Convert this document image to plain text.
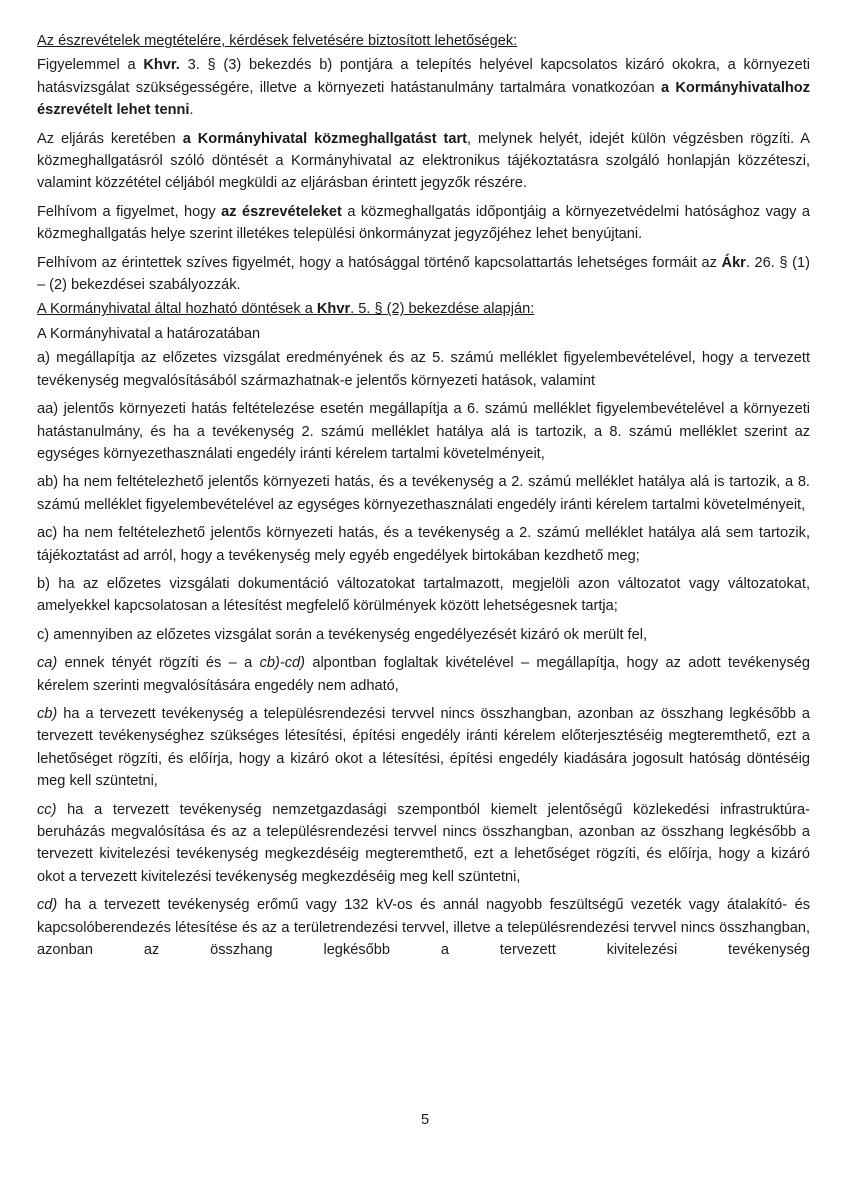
Az észrevételek megtételére, kérdések felvetésére biztosított lehetőségek:

Figyelemmel a Khvr. 3. § (3) bekezdés b) pontjára a telepítés helyével kapcsolatos kizáró okokra, a környezeti hatásvizsgálat szükségességére, illetve a környezeti hatástanulmány tartalmára vonatkozóan a Kormányhivatalhoz észrevételt lehet tenni.

Az eljárás keretében a Kormányhivatal közmeghallgatást tart, melynek helyét, idejét külön végzésben rögzíti. A közmeghallgatásról szóló döntését a Kormányhivatal az elektronikus tájékoztatásra szolgáló honlapján közzéteszi, valamint közzététel céljából megküldi az eljárásban érintett jegyzők részére.

Felhívom a figyelmet, hogy az észrevételeket a közmeghallgatás időpontjáig a környezetvédelmi hatósághoz vagy a közmeghallgatás helye szerint illetékes települési önkormányzat jegyzőjéhez lehet benyújtani.

Felhívom az érintettek szíves figyelmét, hogy a hatósággal történő kapcsolattartás lehetséges formáit az Ákr. 26. § (1) – (2) bekezdései szabályozzák.

A Kormányhivatal által hozható döntések a Khvr. 5. § (2) bekezdése alapján:

A Kormányhivatal a határozatában

a) megállapítja az előzetes vizsgálat eredményének és az 5. számú melléklet figyelembevételével, hogy a tervezett tevékenység megvalósításából származhatnak-e jelentős környezeti hatások, valamint

aa) jelentős környezeti hatás feltételezése esetén megállapítja a 6. számú melléklet figyelembevételével a környezeti hatástanulmány, és ha a tevékenység 2. számú melléklet hatálya alá is tartozik, a 8. számú melléklet szerint az egységes környezethasználati engedély iránti kérelem tartalmi követelményeit,

ab) ha nem feltételezhető jelentős környezeti hatás, és a tevékenység a 2. számú melléklet hatálya alá is tartozik, a 8. számú melléklet figyelembevételével az egységes környezethasználati engedély iránti kérelem tartalmi követelményeit,

ac) ha nem feltételezhető jelentős környezeti hatás, és a tevékenység a 2. számú melléklet hatálya alá sem tartozik, tájékoztatást ad arról, hogy a tevékenység mely egyéb engedélyek birtokában kezdhető meg;

b) ha az előzetes vizsgálati dokumentáció változatokat tartalmazott, megjelöli azon változatot vagy változatokat, amelyekkel kapcsolatosan a létesítést megfelelő körülmények között lehetségesnek tartja;

c) amennyiben az előzetes vizsgálat során a tevékenység engedélyezését kizáró ok merült fel,

ca) ennek tényét rögzíti és – a cb)-cd) alpontban foglaltak kivételével – megállapítja, hogy az adott tevékenység kérelem szerinti megvalósítására engedély nem adható,

cb) ha a tervezett tevékenység a településrendezési tervvel nincs összhangban, azonban az összhang legkésőbb a tervezett tevékenységhez szükséges létesítési, építési engedély iránti kérelem előterjesztéséig megteremthető, ezt a lehetőséget rögzíti, és előírja, hogy a kizáró okot a létesítési, építési engedély kiadására jogosult hatóság döntéséig meg kell szüntetni,

cc) ha a tervezett tevékenység nemzetgazdasági szempontból kiemelt jelentőségű közlekedési infrastruktúra-beruházás megvalósítása és az a településrendezési tervvel nincs összhangban, azonban az összhang legkésőbb a tervezett kivitelezési tevékenység megkezdéséig megteremthető, ezt a lehetőséget rögzíti, és előírja, hogy a kizáró okot a tervezett kivitelezési tevékenység megkezdéséig meg kell szüntetni,

cd) ha a tervezett tevékenység erőmű vagy 132 kV-os és annál nagyobb feszültségű vezeték vagy átalakító- és kapcsolóberendezés létesítése és az a területrendezési tervvel, illetve a településrendezési tervvel nincs összhangban, azonban az összhang legkésőbb a tervezett kivitelezési tevékenység

5
